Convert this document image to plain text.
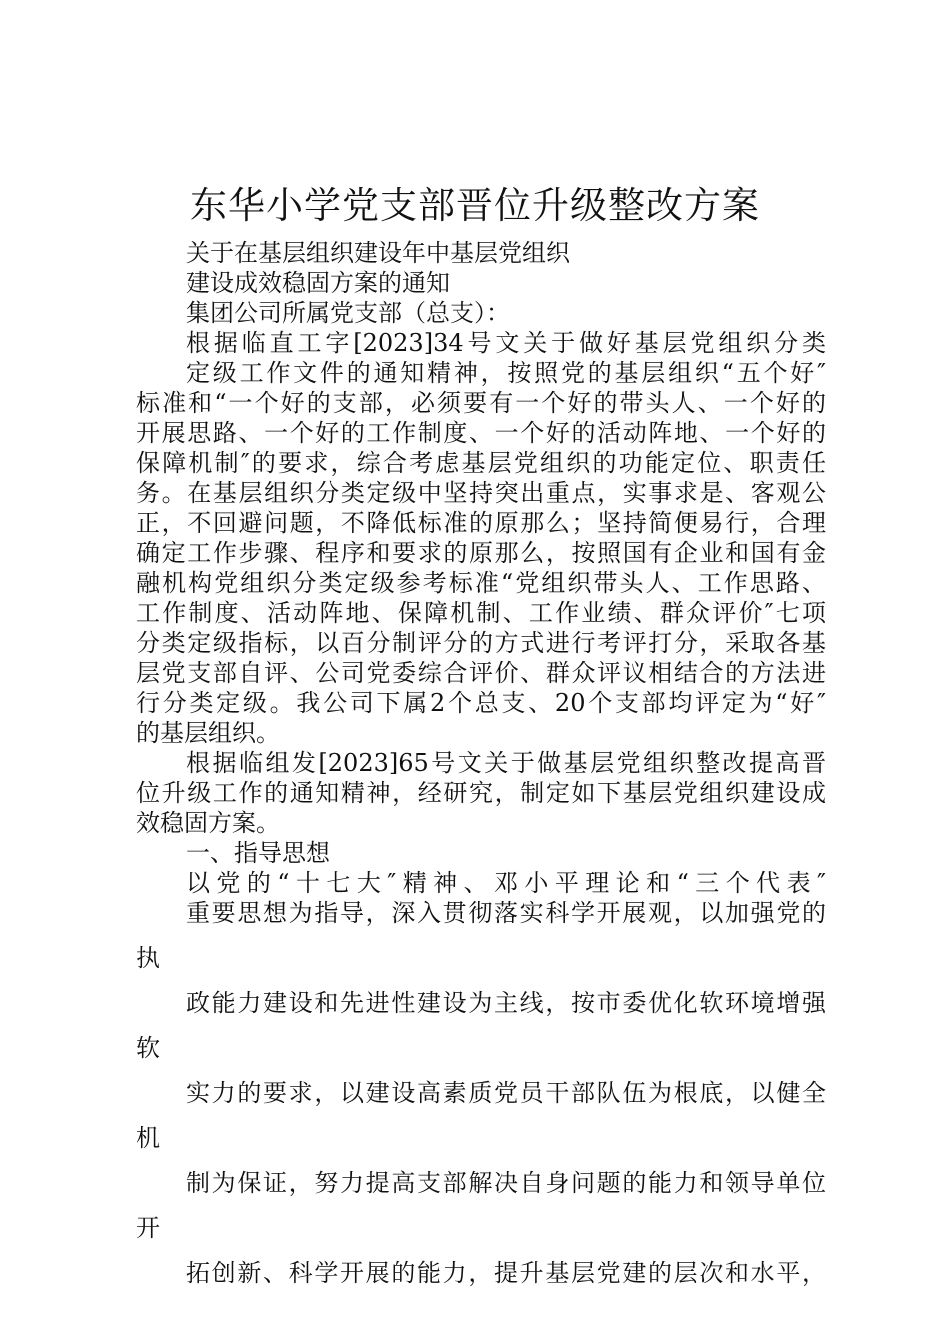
东华小学党支部晋位升级整改方案
关于在基层组织建设年中基层党组织
建设成效稳固方案的通知
集团公司所属党支部（总支）：
根据临直工字[2023]34号文关于做好基层党组织分类
定级工作文件的通知精神，按照党的基层组织“五个好″
标准和“一个好的支部，必须要有一个好的带头人、一个好的
开展思路、一个好的工作制度、一个好的活动阵地、一个好的
保障机制″的要求，综合考虑基层党组织的功能定位、职责任
务。在基层组织分类定级中坚持突出重点，实事求是、客观公
正，不回避问题，不降低标准的原那么；坚持简便易行，合理
确定工作步骤、程序和要求的原那么，按照国有企业和国有金
融机构党组织分类定级参考标准“党组织带头人、工作思路、
工作制度、活动阵地、保障机制、工作业绩、群众评价″七项
分类定级指标，以百分制评分的方式进行考评打分，采取各基
层党支部自评、公司党委综合评价、群众评议相结合的方法进
行分类定级。我公司下属2个总支、20个支部均评定为“好″
的基层组织。
根据临组发[2023]65号文关于做基层党组织整改提高晋
位升级工作的通知精神，经研究，制定如下基层党组织建设成
效稳固方案。
一、指导思想
以党的“十七大″精神、邓小平理论和“三个代表″
重要思想为指导，深入贯彻落实科学开展观，以加强党的
执
政能力建设和先进性建设为主线，按市委优化软环境增强
软
实力的要求，以建设高素质党员干部队伍为根底，以健全
机
制为保证，努力提高支部解决自身问题的能力和领导单位
开
拓创新、科学开展的能力，提升基层党建的层次和水平，
